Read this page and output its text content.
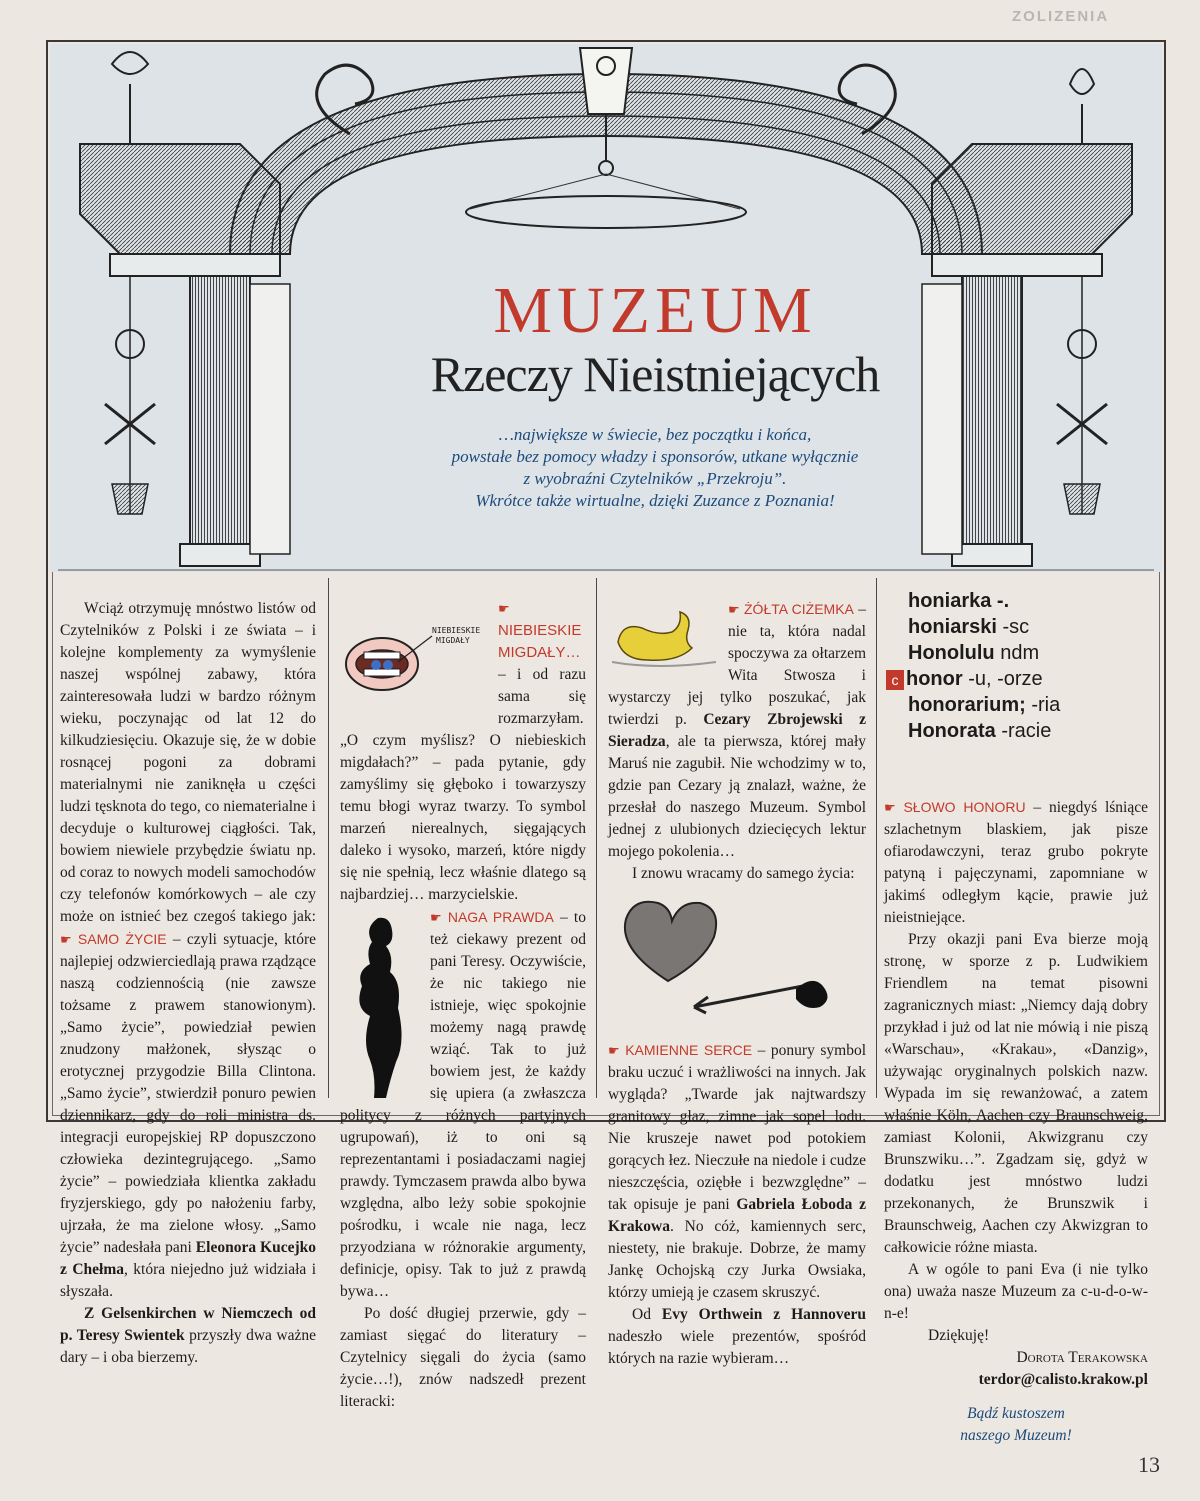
ZOLIZENIA
MUZEUM
Rzeczy Nieistniejących
…największe w świecie, bez początku i końca,
powstałe bez pomocy władzy i sponsorów, utkane wyłącznie
z wyobraźni Czytelników „Przekroju”.
Wkrótce także wirtualne, dzięki Zuzance z Poznania!

Wciąż otrzymuję mnóstwo listów od Czytelników z Polski i ze świata – i kolejne komplementy za wymyślenie naszej wspólnej zabawy, która zainteresowała ludzi w bardzo różnym wieku, poczynając od lat 12 do kilkudziesięciu. Okazuje się, że w dobie rosnącej pogoni za dobrami materialnymi nie zaniknęła u części ludzi tęsknota do tego, co niematerialne i decyduje o kulturowej ciągłości. Tak, bowiem niewiele przybędzie światu np. od coraz to nowych modeli samochodów czy telefonów komórkowych – ale czy może on istnieć bez czegoś takiego jak: ☛ SAMO ŻYCIE – czyli sytuacje, które najlepiej odzwierciedlają prawa rządzące naszą codziennością (nie zawsze tożsame z prawem stanowionym). „Samo życie”, powiedział pewien znudzony małżonek, słysząc o erotycznej przygodzie Billa Clintona. „Samo życie”, stwierdził ponuro pewien dziennikarz, gdy do roli ministra ds. integracji europejskiej RP dopuszczono człowieka dezintegrującego. „Samo życie” – powiedziała klientka zakładu fryzjerskiego, gdy po nałożeniu farby, ujrzała, że ma zielone włosy. „Samo życie” nadesłała pani Eleonora Kucejko z Chełma, która niejedno już widziała i słyszała.

Z Gelsenkirchen w Niemczech od p. Teresy Swientek przyszły dwa ważne dary – i oba bierzemy.

NIEBIESKIE
MIGDAŁY

☛ NIEBIESKIE MIGDAŁY… – i od razu sama się rozmarzyłam. „O czym myślisz? O niebieskich migdałach?” – pada pytanie, gdy zamyślimy się głęboko i towarzyszy temu błogi wyraz twarzy. To symbol marzeń nierealnych, sięgających daleko i wysoko, marzeń, które nigdy się nie spełnią, lecz właśnie dlatego są najbardziej… marzycielskie.

☛ NAGA PRAWDA – to też ciekawy prezent od pani Teresy. Oczywiście, że nic takiego nie istnieje, więc spokojnie możemy nagą prawdę wziąć. Tak to już bowiem jest, że każdy się upiera (a zwłaszcza politycy z różnych partyjnych ugrupowań), iż to oni są reprezentantami i posiadaczami nagiej prawdy. Tymczasem prawda albo bywa względna, albo leży sobie spokojnie pośrodku, i wcale nie naga, lecz przyodziana w różnorakie argumenty, definicje, opisy. Tak to już z prawdą bywa…

Po dość długiej przerwie, gdy – zamiast sięgać do literatury – Czytelnicy sięgali do życia (samo życie…!), znów nadszedł prezent literacki:

☛ ŻÓŁTA CIŻEMKA – nie ta, która nadal spoczywa za ołtarzem Wita Stwosza i wystarczy jej tylko poszukać, jak twierdzi p. Cezary Zbrojewski z Sieradza, ale ta pierwsza, której mały Maruś nie zagubił. Nie wchodzimy w to, gdzie pan Cezary ją znalazł, ważne, że przesłał do naszego Muzeum. Symbol jednej z ulubionych dziecięcych lektur mojego pokolenia…

I znowu wracamy do samego życia:

☛ KAMIENNE SERCE – ponury symbol braku uczuć i wrażliwości na innych. Jak wygląda? „Twarde jak najtwardszy granitowy głaz, zimne jak sopel lodu. Nie kruszeje nawet pod potokiem gorących łez. Nieczułe na niedole i cudze nieszczęścia, oziębłe i bezwzględne” – tak opisuje je pani Gabriela Łoboda z Krakowa. No cóż, kamiennych serc, niestety, nie brakuje. Dobrze, że mamy Jankę Ochojską czy Jurka Owsiaka, którzy umieją je czasem skruszyć.

Od Evy Orthwein z Hannoveru nadeszło wiele prezentów, spośród których na razie wybieram…

honiarka -.
honiarski -sc
Honolulu ndm
c honor -u, -orze
honorarium; -ria
Honorata -racie

☛ SŁOWO HONORU – niegdyś lśniące szlachetnym blaskiem, jak pisze ofiarodawczyni, teraz grubo pokryte patyną i pajęczynami, zapomniane w jakimś odległym kącie, prawie już nieistniejące.

Przy okazji pani Eva bierze moją stronę, w sporze z p. Ludwikiem Friendlem na temat pisowni zagranicznych miast: „Niemcy dają dobry przykład i już od lat nie mówią i nie piszą «Warschau», «Krakau», «Danzig», używając oryginalnych polskich nazw. Wypada im się rewanżować, a zatem właśnie Köln, Aachen czy Braunschweig, zamiast Kolonii, Akwizgranu czy Brunszwiku…”. Zgadzam się, gdyż w dodatku jest mnóstwo ludzi przekonanych, że Brunszwik i Braunschweig, Aachen czy Akwizgran to całkowicie różne miasta.

A w ogóle to pani Eva (i nie tylko ona) uważa nasze Muzeum za c-u-d-o-w-n-e!

Dziękuję!

Dorota Terakowska

terdor@calisto.krakow.pl

Bądź kustoszem
naszego Muzeum!

13
